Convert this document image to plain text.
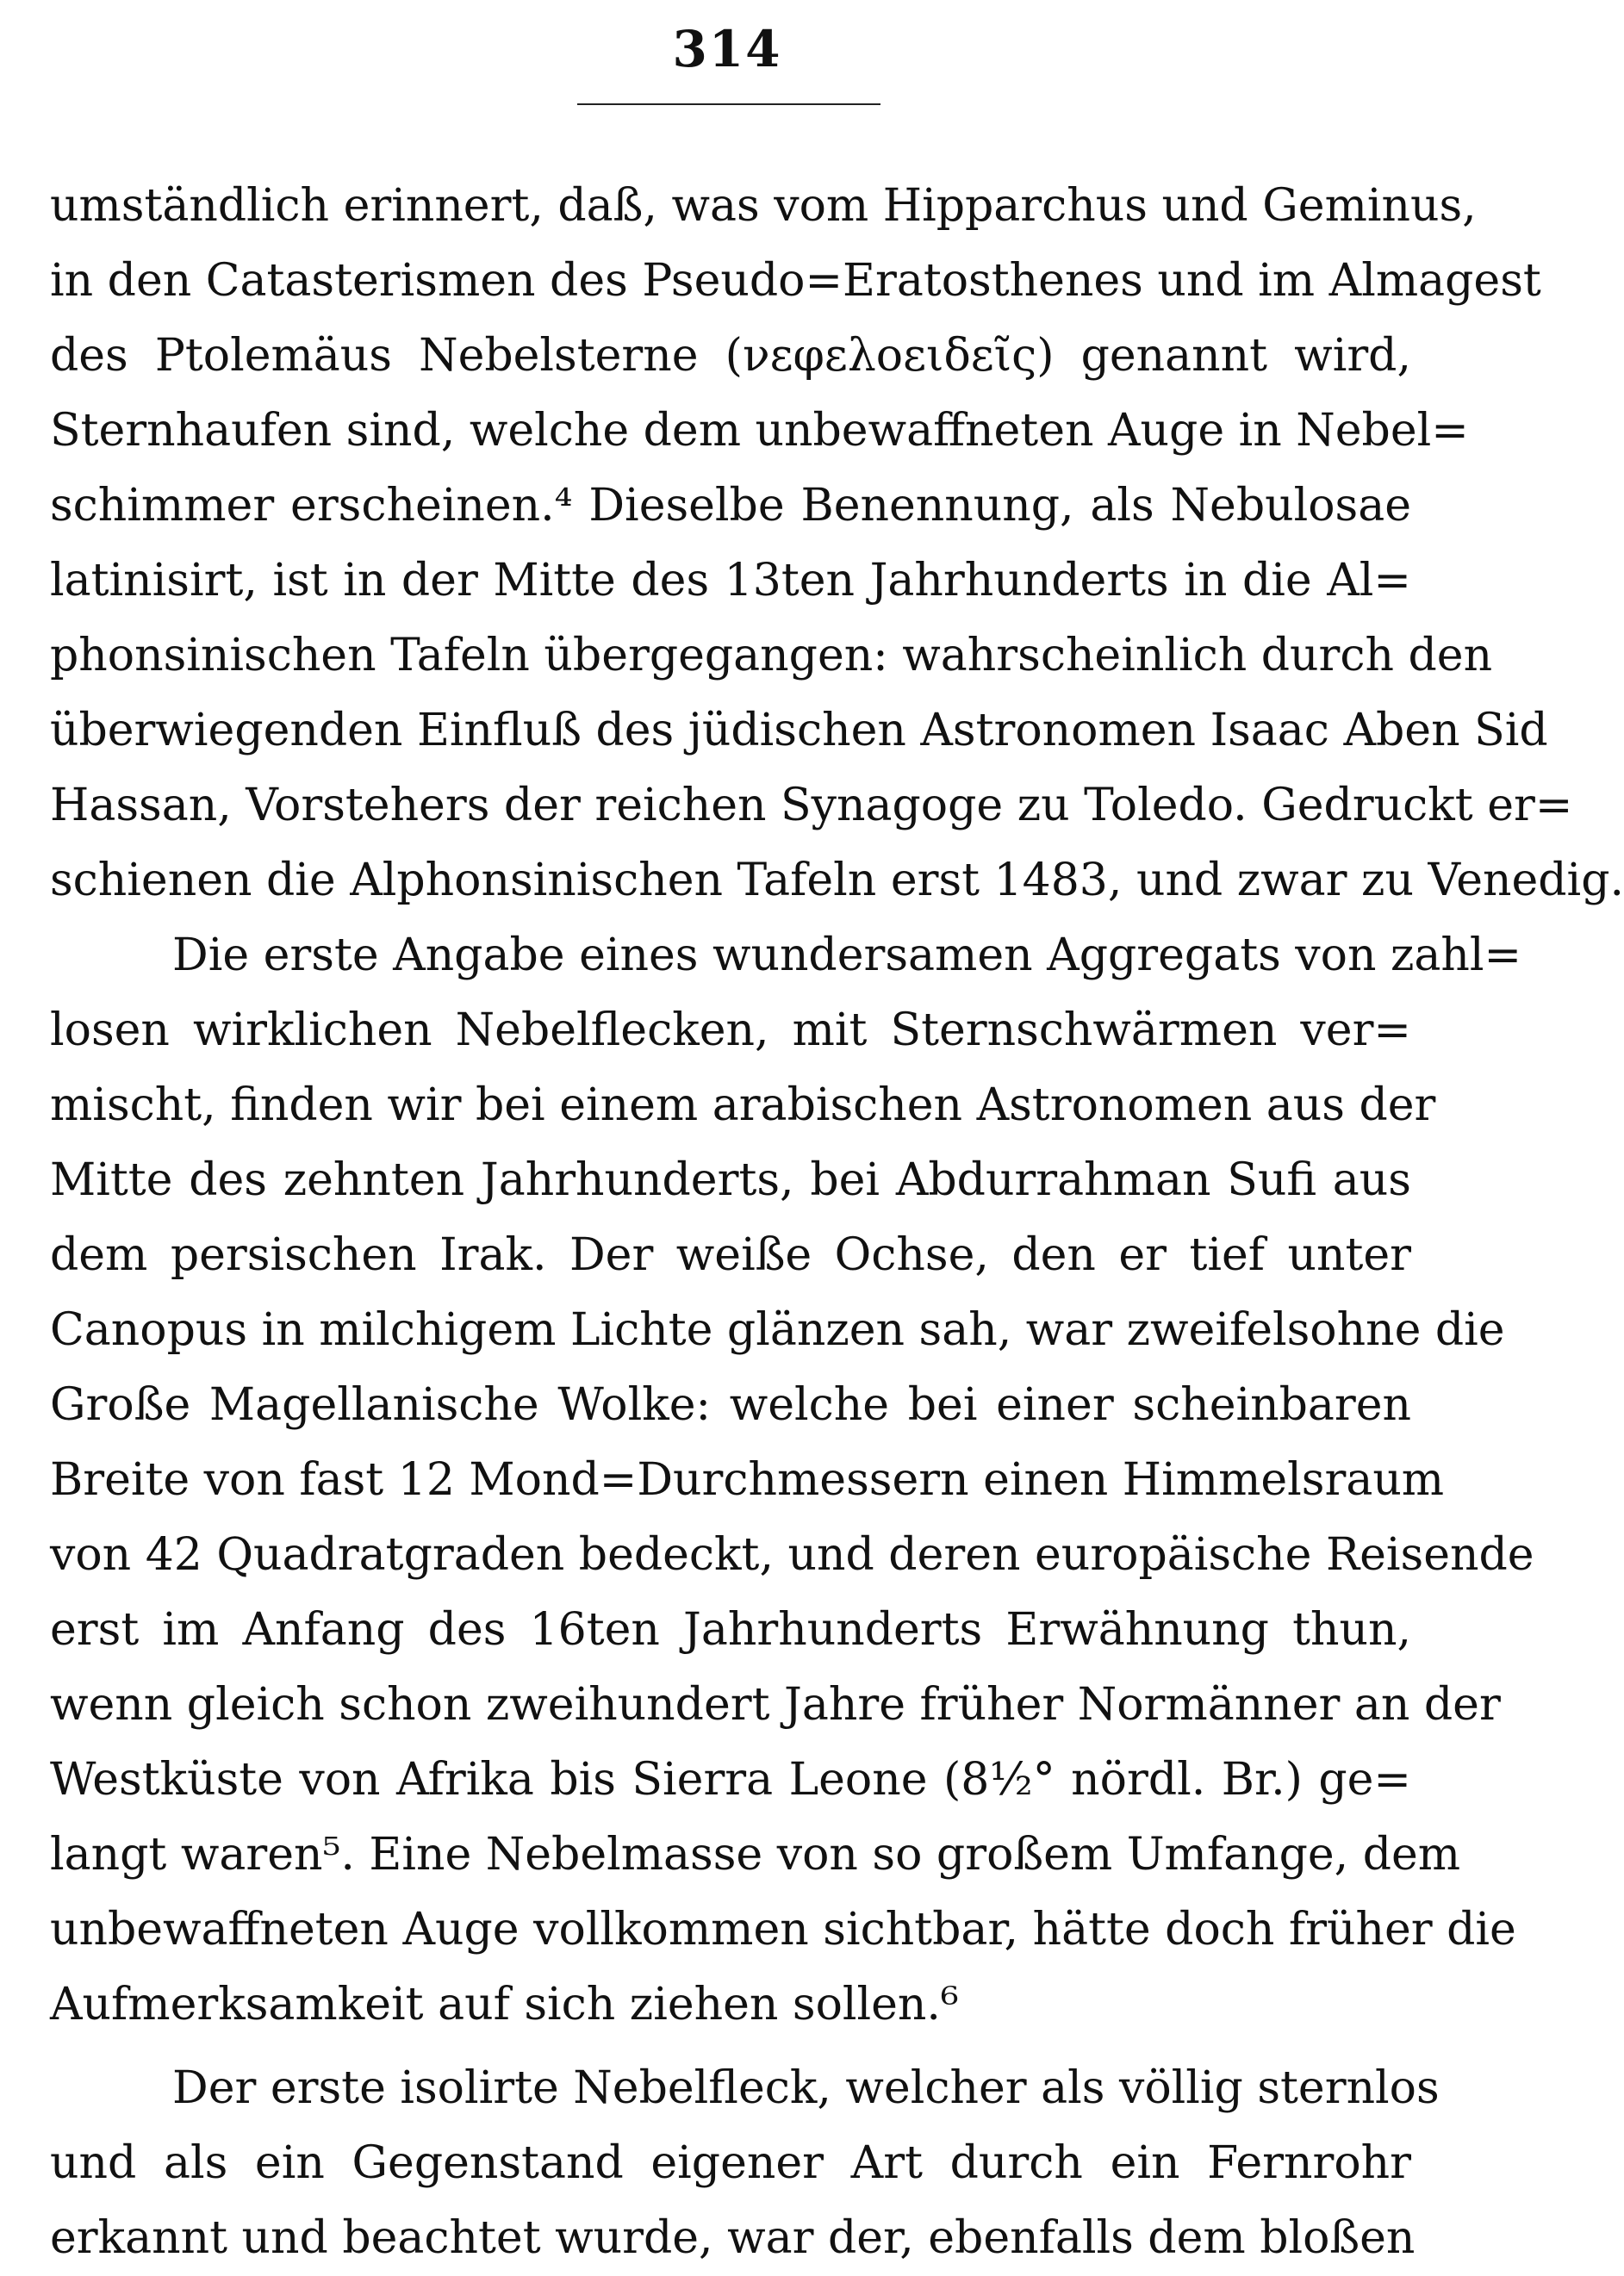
314
umständlich erinnert, daß, was vom Hipparchus und Geminus,
in den Catasterismen des Pseudo=Eratosthenes und im Almagest
des Ptolemäus Nebelsterne (νεφελοειδεῖς) genannt wird,
Sternhaufen sind, welche dem unbewaffneten Auge in Nebel=
schimmer erscheinen.⁴ Dieselbe Benennung, als Nebulosae
latinisirt, ist in der Mitte des 13ten Jahrhunderts in die Al=
phonsinischen Tafeln übergegangen: wahrscheinlich durch den
überwiegenden Einfluß des jüdischen Astronomen Isaac Aben Sid
Hassan, Vorstehers der reichen Synagoge zu Toledo. Gedruckt er=
schienen die Alphonsinischen Tafeln erst 1483, und zwar zu Venedig.
Die erste Angabe eines wundersamen Aggregats von zahl=
losen wirklichen Nebelflecken, mit Sternschwärmen ver=
mischt, finden wir bei einem arabischen Astronomen aus der
Mitte des zehnten Jahrhunderts, bei Abdurrahman Sufi aus
dem persischen Irak. Der weiße Ochse, den er tief unter
Canopus in milchigem Lichte glänzen sah, war zweifelsohne die
Große Magellanische Wolke: welche bei einer scheinbaren
Breite von fast 12 Mond=Durchmessern einen Himmelsraum
von 42 Quadratgraden bedeckt, und deren europäische Reisende
erst im Anfang des 16ten Jahrhunderts Erwähnung thun,
wenn gleich schon zweihundert Jahre früher Normänner an der
Westküste von Afrika bis Sierra Leone (8½° nördl. Br.) ge=
langt waren⁵. Eine Nebelmasse von so großem Umfange, dem
unbewaffneten Auge vollkommen sichtbar, hätte doch früher die
Aufmerksamkeit auf sich ziehen sollen.⁶
Der erste isolirte Nebelfleck, welcher als völlig sternlos
und als ein Gegenstand eigener Art durch ein Fernrohr
erkannt und beachtet wurde, war der, ebenfalls dem bloßen
